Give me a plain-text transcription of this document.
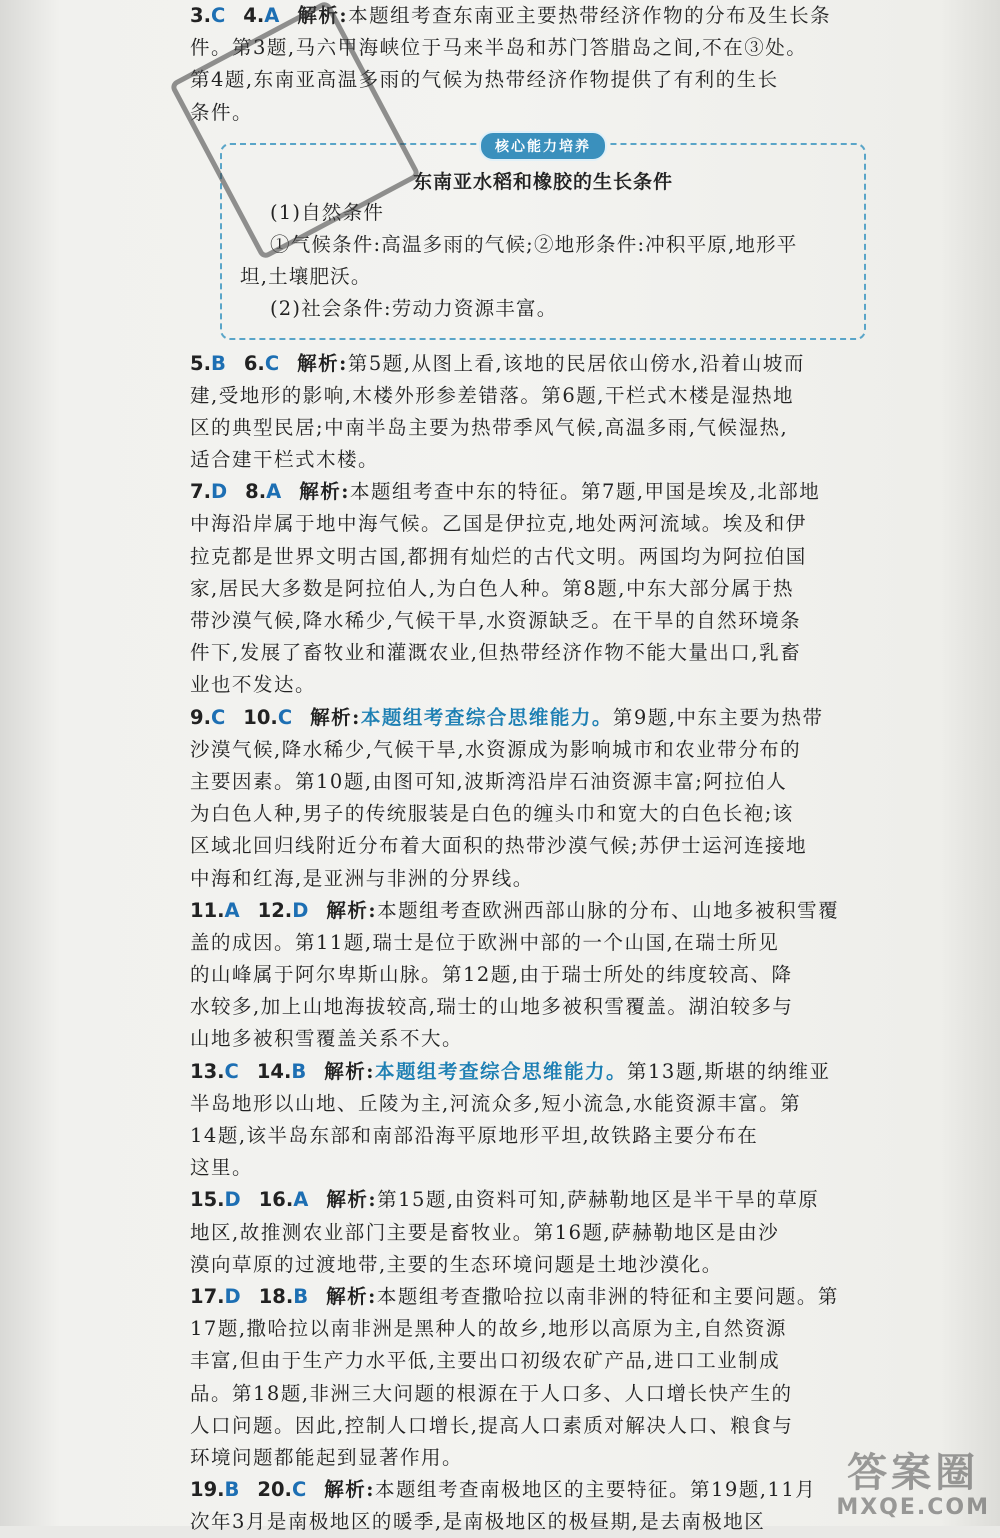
3.C 4.A 解析:本题组考查东南亚主要热带经济作物的分布及生长条
件。第3题,马六甲海峡位于马来半岛和苏门答腊岛之间,不在③处。
第4题,东南亚高温多雨的气候为热带经济作物提供了有利的生长
条件。
核心能力培养
东南亚水稻和橡胶的生长条件
(1)自然条件
①气候条件:高温多雨的气候;②地形条件:冲积平原,地形平
坦,土壤肥沃。
(2)社会条件:劳动力资源丰富。
5.B 6.C 解析:第5题,从图上看,该地的民居依山傍水,沿着山坡而
建,受地形的影响,木楼外形参差错落。第6题,干栏式木楼是湿热地
区的典型民居;中南半岛主要为热带季风气候,高温多雨,气候湿热,
适合建干栏式木楼。
7.D 8.A 解析:本题组考查中东的特征。第7题,甲国是埃及,北部地
中海沿岸属于地中海气候。乙国是伊拉克,地处两河流域。埃及和伊
拉克都是世界文明古国,都拥有灿烂的古代文明。两国均为阿拉伯国
家,居民大多数是阿拉伯人,为白色人种。第8题,中东大部分属于热
带沙漠气候,降水稀少,气候干旱,水资源缺乏。在干旱的自然环境条
件下,发展了畜牧业和灌溉农业,但热带经济作物不能大量出口,乳畜
业也不发达。
9.C 10.C 解析:本题组考查综合思维能力。第9题,中东主要为热带
沙漠气候,降水稀少,气候干旱,水资源成为影响城市和农业带分布的
主要因素。第10题,由图可知,波斯湾沿岸石油资源丰富;阿拉伯人
为白色人种,男子的传统服装是白色的缠头巾和宽大的白色长袍;该
区域北回归线附近分布着大面积的热带沙漠气候;苏伊士运河连接地
中海和红海,是亚洲与非洲的分界线。
11.A 12.D 解析:本题组考查欧洲西部山脉的分布、山地多被积雪覆
盖的成因。第11题,瑞士是位于欧洲中部的一个山国,在瑞士所见
的山峰属于阿尔卑斯山脉。第12题,由于瑞士所处的纬度较高、降
水较多,加上山地海拔较高,瑞士的山地多被积雪覆盖。湖泊较多与
山地多被积雪覆盖关系不大。
13.C 14.B 解析:本题组考查综合思维能力。第13题,斯堪的纳维亚
半岛地形以山地、丘陵为主,河流众多,短小流急,水能资源丰富。第
14题,该半岛东部和南部沿海平原地形平坦,故铁路主要分布在
这里。
15.D 16.A 解析:第15题,由资料可知,萨赫勒地区是半干旱的草原
地区,故推测农业部门主要是畜牧业。第16题,萨赫勒地区是由沙
漠向草原的过渡地带,主要的生态环境问题是土地沙漠化。
17.D 18.B 解析:本题组考查撒哈拉以南非洲的特征和主要问题。第
17题,撒哈拉以南非洲是黑种人的故乡,地形以高原为主,自然资源
丰富,但由于生产力水平低,主要出口初级农矿产品,进口工业制成
品。第18题,非洲三大问题的根源在于人口多、人口增长快产生的
人口问题。因此,控制人口增长,提高人口素质对解决人口、粮食与
环境问题都能起到显著作用。
19.B 20.C 解析:本题组考查南极地区的主要特征。第19题,11月
次年3月是南极地区的暖季,是南极地区的极昼期,是去南极地区
答案圈
MXQE.COM
